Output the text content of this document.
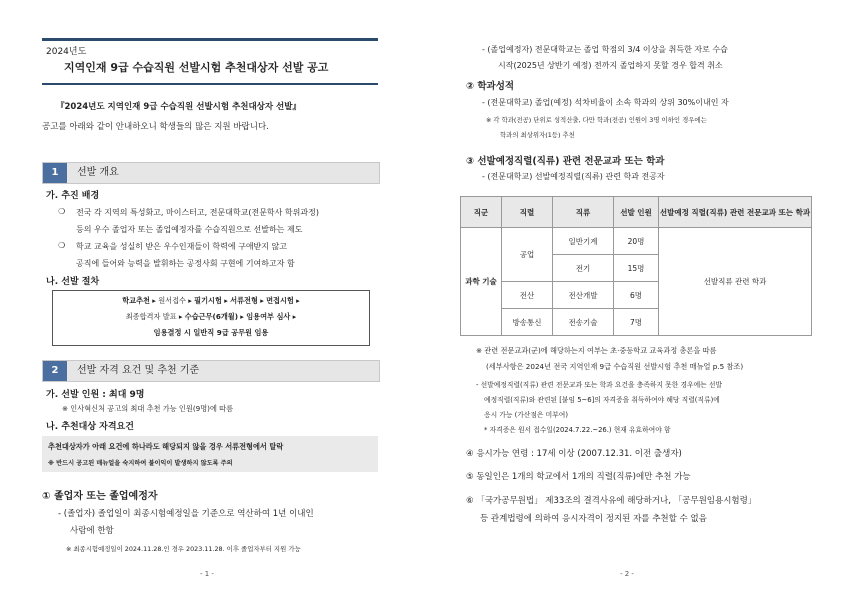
2024년도
지역인재 9급 수습직원 선발시험 추천대상자 선발 공고
『2024년도 지역인재 9급 수습직원 선발시험 추천대상자 선발』
공고를 아래와 같이 안내하오니 학생들의 많은 지원 바랍니다.
1	선발 개요
가. 추진 배경
❍ 전국 각 지역의 특성화고, 마이스터고, 전문대학교(전문학사 학위과정)
등의 우수 졸업자 또는 졸업예정자를 수습직원으로 선발하는 제도
❍ 학교 교육을 성실히 받은 우수인재들이 학력에 구애받지 않고
공직에 들어와 능력을 발휘하는 공정사회 구현에 기여하고자 함
나. 선발 절차
학교추천 ▸ 원서접수 ▸ 필기시험 ▸ 서류전형 ▸ 면접시험 ▸
최종합격자 발표 ▸ 수습근무(6개월) ▸ 임용여부 심사 ▸
임용결정 시 일반직 9급 공무원 임용
2	선발 자격 요건 및 추천 기준
가. 선발 인원 : 최대 9명
※ 인사혁신처 공고의 최대 추천 가능 인원(9명)에 따름
나. 추천대상 자격요건
추천대상자가 아래 요건에 하나라도 해당되지 않을 경우 서류전형에서 탈락
※ 반드시 공고된 매뉴얼을 숙지하여 불이익이 발생하지 않도록 주의
① 졸업자 또는 졸업예정자
- (졸업자) 졸업일이 최종시험예정일을 기준으로 역산하여 1년 이내인
사람에 한함
※ 최종시험예정일이 2024.11.28.인 경우 2023.11.28. 이후 졸업자부터 지원 가능
- 1 -
- (졸업예정자) 전문대학교는 졸업 학점의 3/4 이상을 취득한 자로 수습
시작(2025년 상반기 예정) 전까지 졸업하지 못할 경우 합격 취소
② 학과성적
- (전문대학교) 졸업(예정) 석차비율이 소속 학과의 상위 30%이내인 자
※ 각 학과(전공) 단위로 성적산출, 다만 학과(전공) 인원이 3명 이하인 경우에는
학과의 최상위자(1등) 추천
③ 선발예정직렬(직류) 관련 전문교과 또는 학과
- (전문대학교) 선발예정직렬(직류) 관련 학과 전공자
※ 관련 전문교과(군)에 해당하는지 여부는 초·중등학교 교육과정 총론을 따름
(세부사항은 2024년 전국 지역인재 9급 수습직원 선발시험 추천 매뉴얼 p.5 참조)
- 선발예정직렬(직류) 관련 전문교과 또는 학과 요건을 충족하지 못한 경우에는 선발
예정직렬(직류)와 관련된 [붙임 5~6]의 자격증을 취득하여야 해당 직렬(직류)에
응시 가능 (가산점은 미부여)
* 자격증은 원서 접수일(2024.7.22.~26.) 현재 유효하여야 함
④ 응시가능 연령 : 17세 이상 (2007.12.31. 이전 출생자)
⑤ 동일인은 1개의 학교에서 1개의 직렬(직류)에만 추천 가능
⑥ 「국가공무원법」 제33조의 결격사유에 해당하거나, 「공무원임용시험령」
등 관계법령에 의하여 응시자격이 정지된 자를 추천할 수 없음
- 2 -
직군	직렬	직류	선발 인원	선발예정 직렬(직류) 관련 전문교과 또는 학과
과학 기술	공업	일반기계	20명	선발직류 관련 학과
		전기	15명	
	전산	전산개발	6명	
	방송통신	전송기술	7명	
